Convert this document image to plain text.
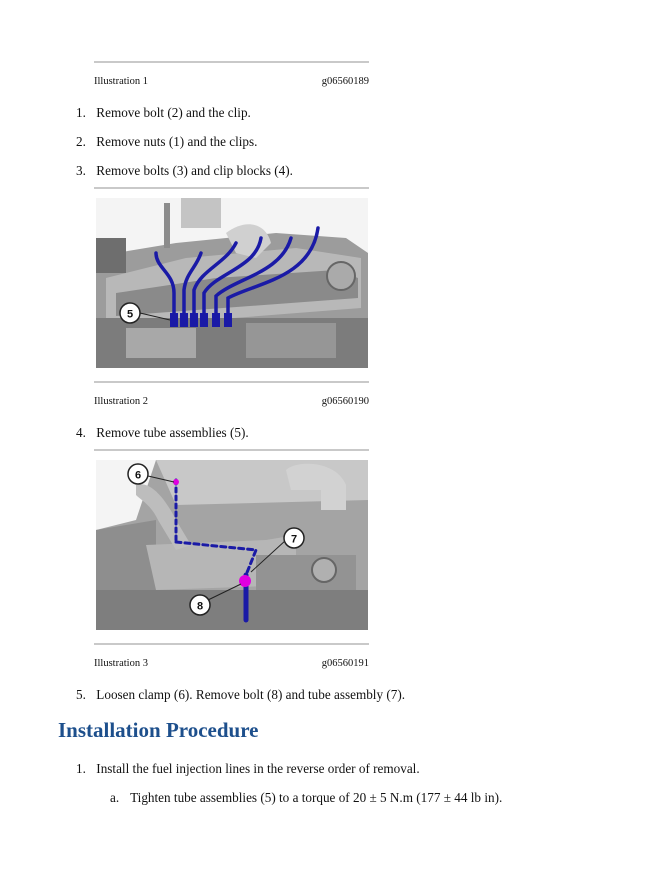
Illustration 1	g06560189
1. Remove bolt (2) and the clip.
2. Remove nuts (1) and the clips.
3. Remove bolts (3) and clip blocks (4).
5
Illustration 2	g06560190
4. Remove tube assemblies (5).
6
7
8
Illustration 3	g06560191
5. Loosen clamp (6). Remove bolt (8) and tube assembly (7).
Installation Procedure
1. Install the fuel injection lines in the reverse order of removal.
a. Tighten tube assemblies (5) to a torque of 20 ± 5 N.m (177 ± 44 lb in).
